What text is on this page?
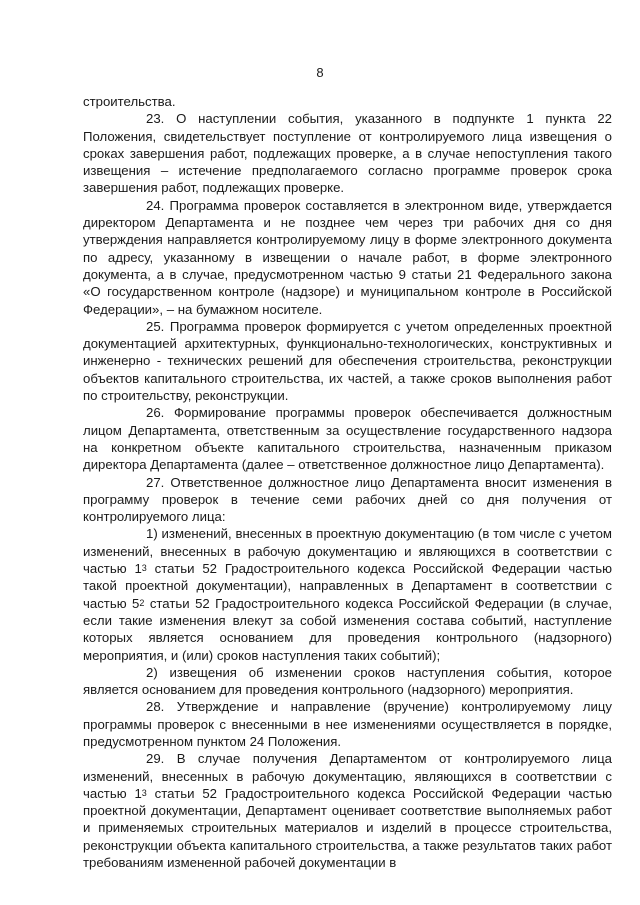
8

строительства.

23. О наступлении события, указанного в подпункте 1 пункта 22 Положения, свидетельствует поступление от контролируемого лица извещения о сроках завершения работ, подлежащих проверке, а в случае непоступления такого извещения – истечение предполагаемого согласно программе проверок срока завершения работ, подлежащих проверке.

24. Программа проверок составляется в электронном виде, утверждается директором Департамента и не позднее чем через три рабочих дня со дня утверждения направляется контролируемому лицу в форме электронного документа по адресу, указанному в извещении о начале работ, в форме электронного документа, а в случае, предусмотренном частью 9 статьи 21 Федерального закона «О государственном контроле (надзоре) и муниципальном контроле в Российской Федерации», – на бумажном носителе.

25. Программа проверок формируется с учетом определенных проектной документацией архитектурных, функционально-технологических, конструктивных и инженерно - технических решений для обеспечения строительства, реконструкции объектов капитального строительства, их частей, а также сроков выполнения работ по строительству, реконструкции.

26. Формирование программы проверок обеспечивается должностным лицом Департамента, ответственным за осуществление государственного надзора на конкретном объекте капитального строительства, назначенным приказом директора Департамента (далее – ответственное должностное лицо Департамента).

27. Ответственное должностное лицо Департамента вносит изменения в программу проверок в течение семи рабочих дней со дня получения от контролируемого лица:

1) изменений, внесенных в проектную документацию (в том числе с учетом изменений, внесенных в рабочую документацию и являющихся в соответствии с частью $1^3$ статьи 52 Градостроительного кодекса Российской Федерации частью такой проектной документации), направленных в Департамент в соответствии с частью $5^2$ статьи 52 Градостроительного кодекса Российской Федерации (в случае, если такие изменения влекут за собой изменения состава событий, наступление которых является основанием для проведения контрольного (надзорного) мероприятия, и (или) сроков наступления таких событий);

2) извещения об изменении сроков наступления события, которое является основанием для проведения контрольного (надзорного) мероприятия.

28. Утверждение и направление (вручение) контролируемому лицу программы проверок с внесенными в нее изменениями осуществляется в порядке, предусмотренном пунктом 24 Положения.

29. В случае получения Департаментом от контролируемого лица изменений, внесенных в рабочую документацию, являющихся в соответствии с частью $1^3$ статьи 52 Градостроительного кодекса Российской Федерации частью проектной документации, Департамент оценивает соответствие выполняемых работ и применяемых строительных материалов и изделий в процессе строительства, реконструкции объекта капитального строительства, а также результатов таких работ требованиям измененной рабочей документации в
